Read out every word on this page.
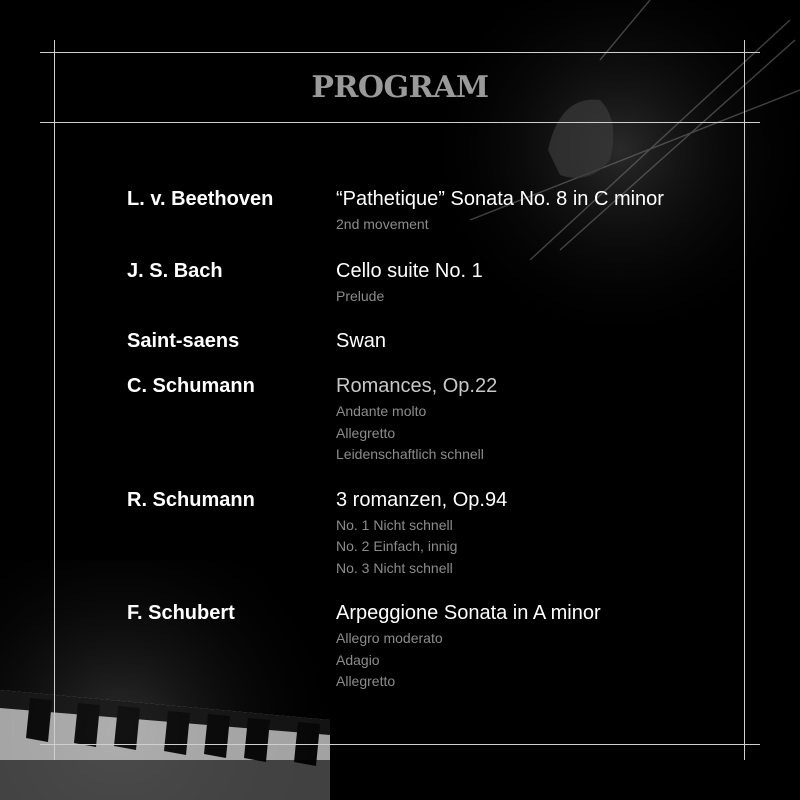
PROGRAM
L. v. Beethoven	“Pathetique” Sonata No. 8 in C minor
2nd movement
J. S. Bach	Cello suite No. 1
Prelude
Saint-saens	Swan
C. Schumann	Romances, Op.22
Andante molto
Allegretto
Leidenschaftlich schnell
R. Schumann	3 romanzen, Op.94
No. 1 Nicht schnell
No. 2 Einfach, innig
No. 3 Nicht schnell
F. Schubert	Arpeggione Sonata in A minor
Allegro moderato
Adagio
Allegretto
